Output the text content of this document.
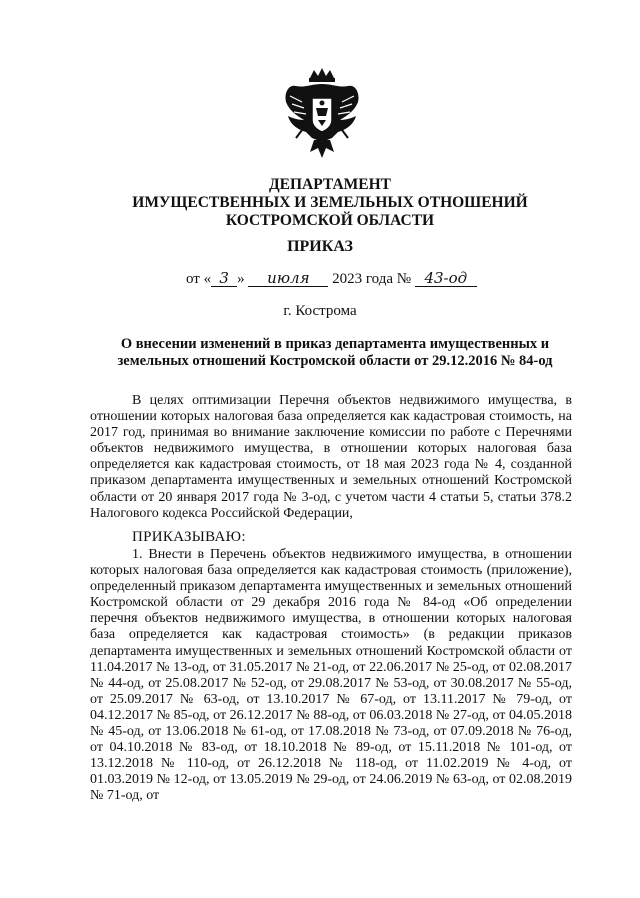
ДЕПАРТАМЕНТ
ИМУЩЕСТВЕННЫХ И ЗЕМЕЛЬНЫХ ОТНОШЕНИЙ
КОСТРОМСКОЙ ОБЛАСТИ
ПРИКАЗ
от « 3 » июля 2023 года № 43-од
г. Кострома
О внесении изменений в приказ департамента имущественных и
земельных отношений Костромской области от 29.12.2016 № 84-од

В целях оптимизации Перечня объектов недвижимого имущества, в отношении которых налоговая база определяется как кадастровая стоимость, на 2017 год, принимая во внимание заключение комиссии по работе с Перечнями объектов недвижимого имущества, в отношении которых налоговая база определяется как кадастровая стоимость, от 18 мая 2023 года № 4, созданной приказом департамента имущественных и земельных отношений Костромской области от 20 января 2017 года № 3-од, с учетом части 4 статьи 5, статьи 378.2 Налогового кодекса Российской Федерации,

ПРИКАЗЫВАЮ:

1. Внести в Перечень объектов недвижимого имущества, в отношении которых налоговая база определяется как кадастровая стоимость (приложение), определенный приказом департамента имущественных и земельных отношений Костромской области от 29 декабря 2016 года № 84-од «Об определении перечня объектов недвижимого имущества, в отношении которых налоговая база определяется как кадастровая стоимость» (в редакции приказов департамента имущественных и земельных отношений Костромской области от 11.04.2017 № 13-од, от 31.05.2017 № 21-од, от 22.06.2017 № 25-од, от 02.08.2017 № 44-од, от 25.08.2017 № 52-од, от 29.08.2017 № 53-од, от 30.08.2017 № 55-од, от 25.09.2017 № 63-од, от 13.10.2017 № 67-од, от 13.11.2017 № 79-од, от 04.12.2017 № 85-од, от 26.12.2017 № 88-од, от 06.03.2018 № 27-од, от 04.05.2018 № 45-од, от 13.06.2018 № 61-од, от 17.08.2018 № 73-од, от 07.09.2018 № 76-од, от 04.10.2018 № 83-од, от 18.10.2018 № 89-од, от 15.11.2018 № 101-од, от 13.12.2018 № 110-од, от 26.12.2018 № 118-од, от 11.02.2019 № 4-од, от 01.03.2019 № 12-од, от 13.05.2019 № 29-од, от 24.06.2019 № 63-од, от 02.08.2019 № 71-од, от
